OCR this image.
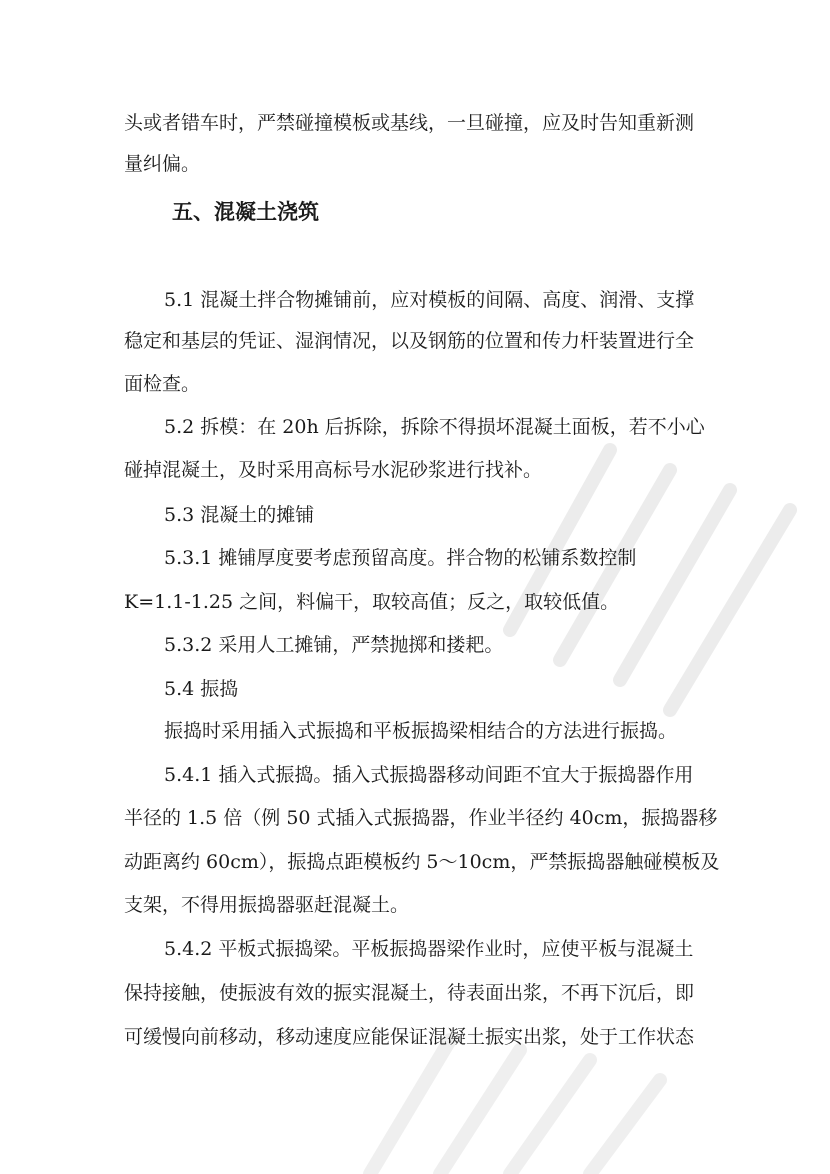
头或者错车时，严禁碰撞模板或基线，一旦碰撞，应及时告知重新测
量纠偏。
五、混凝土浇筑
5.1 混凝土拌合物摊铺前，应对模板的间隔、高度、润滑、支撑
稳定和基层的凭证、湿润情况，以及钢筋的位置和传力杆装置进行全
面检查。
5.2 拆模：在 20h 后拆除，拆除不得损坏混凝土面板，若不小心
碰掉混凝土，及时采用高标号水泥砂浆进行找补。
5.3 混凝土的摊铺
5.3.1 摊铺厚度要考虑预留高度。拌合物的松铺系数控制
K=1.1-1.25 之间，料偏干，取较高值；反之，取较低值。
5.3.2 采用人工摊铺，严禁抛掷和搂耙。
5.4 振捣
振捣时采用插入式振捣和平板振捣梁相结合的方法进行振捣。
5.4.1 插入式振捣。插入式振捣器移动间距不宜大于振捣器作用
半径的 1.5 倍（例 50 式插入式振捣器，作业半径约 40cm，振捣器移
动距离约 60cm），振捣点距模板约 5～10cm，严禁振捣器触碰模板及
支架，不得用振捣器驱赶混凝土。
5.4.2 平板式振捣梁。平板振捣器梁作业时，应使平板与混凝土
保持接触，使振波有效的振实混凝土，待表面出浆，不再下沉后，即
可缓慢向前移动，移动速度应能保证混凝土振实出浆，处于工作状态
